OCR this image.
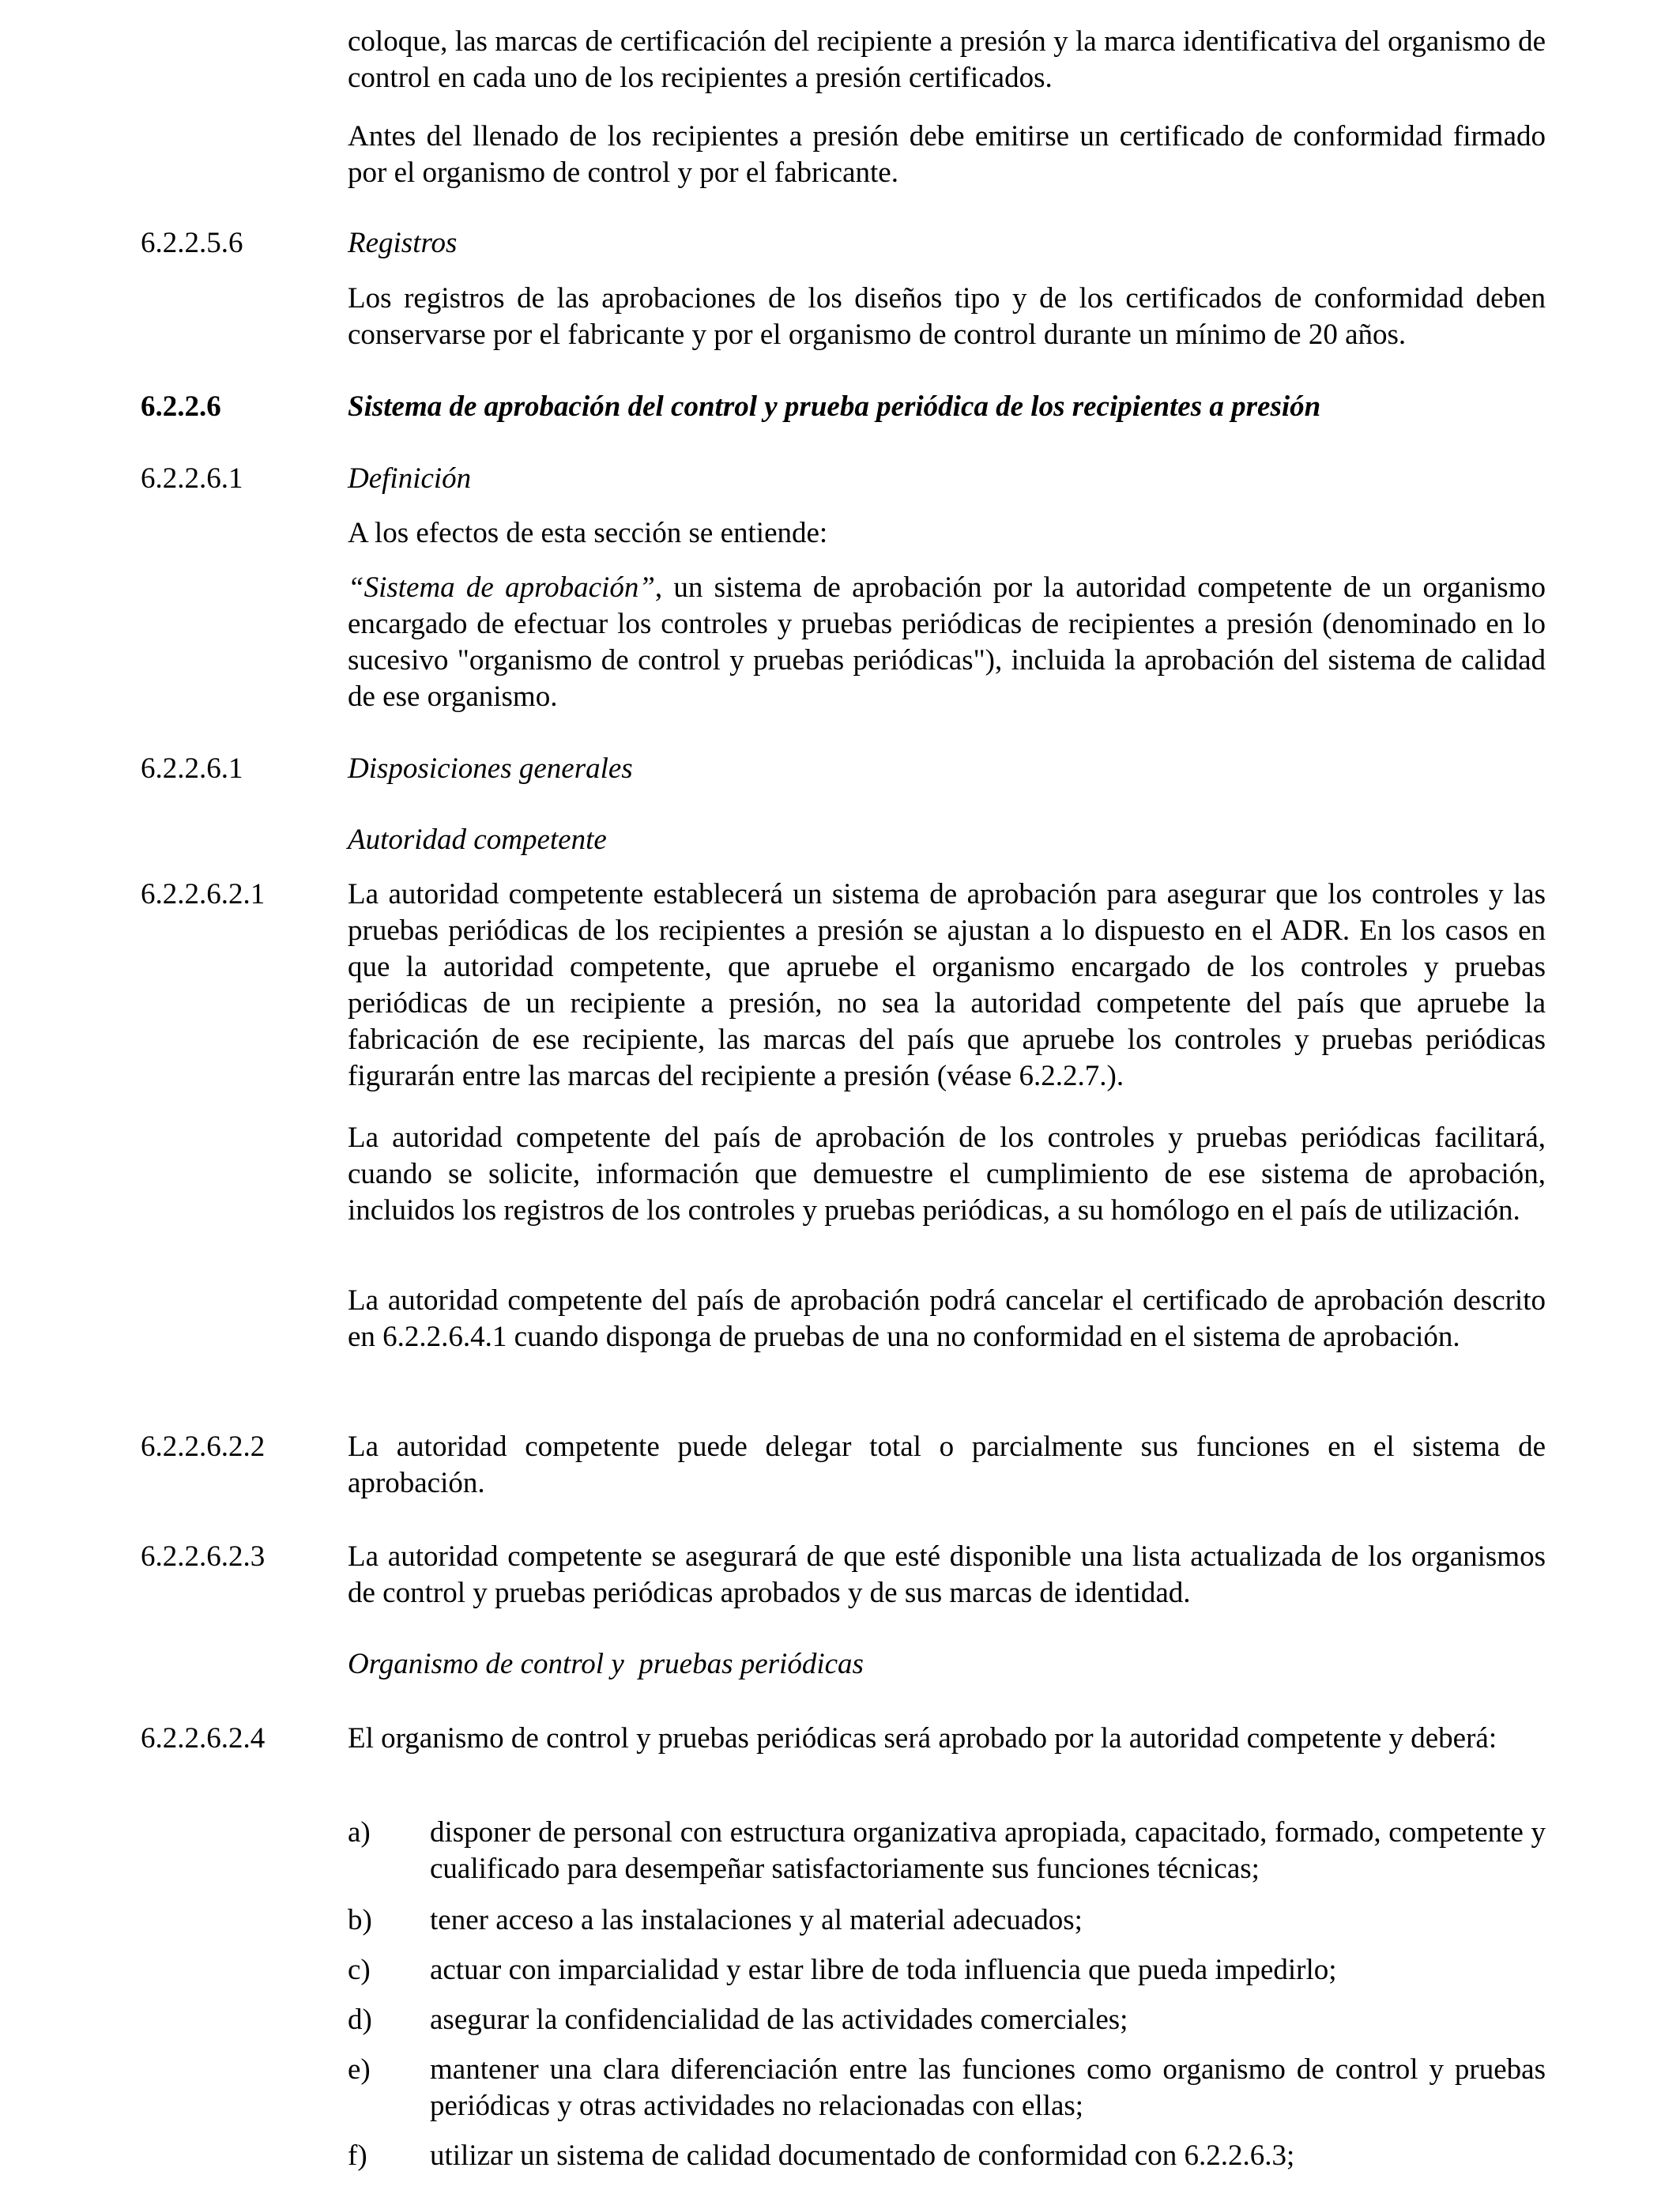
coloque, las marcas de certificación del recipiente a presión y la marca identificativa del organismo de control en cada uno de los recipientes a presión certificados.
Antes del llenado de los recipientes a presión debe emitirse un certificado de conformidad firmado por el organismo de control y por el fabricante.
6.2.2.5.6	Registros
Los registros de las aprobaciones de los diseños tipo y de los certificados de conformidad deben conservarse por el fabricante y por el organismo de control durante un mínimo de 20 años.
6.2.2.6	Sistema de aprobación del control y prueba periódica de los recipientes a presión
6.2.2.6.1	Definición
A los efectos de esta sección se entiende:
“Sistema de aprobación”, un sistema de aprobación por la autoridad competente de un organismo encargado de efectuar los controles y pruebas periódicas de recipientes a presión (denominado en lo sucesivo "organismo de control y pruebas periódicas"), incluida la aprobación del sistema de calidad de ese organismo.
6.2.2.6.1	Disposiciones generales
Autoridad competente
6.2.2.6.2.1	La autoridad competente establecerá un sistema de aprobación para asegurar que los controles y las pruebas periódicas de los recipientes a presión se ajustan a lo dispuesto en el ADR. En los casos en que la autoridad competente, que apruebe el organismo encargado de los controles y pruebas periódicas de un recipiente a presión, no sea la autoridad competente del país que apruebe la fabricación de ese recipiente, las marcas del país que apruebe los controles y pruebas periódicas figurarán entre las marcas del recipiente a presión (véase 6.2.2.7.).
La autoridad competente del país de aprobación de los controles y pruebas periódicas facilitará, cuando se solicite, información que demuestre el cumplimiento de ese sistema de aprobación, incluidos los registros de los controles y pruebas periódicas, a su homólogo en el país de utilización.
La autoridad competente del país de aprobación podrá cancelar el certificado de aprobación descrito en 6.2.2.6.4.1 cuando disponga de pruebas de una no conformidad en el sistema de aprobación.
6.2.2.6.2.2	La autoridad competente puede delegar total o parcialmente sus funciones en el sistema de aprobación.
6.2.2.6.2.3	La autoridad competente se asegurará de que esté disponible una lista actualizada de los organismos de control y pruebas periódicas aprobados y de sus marcas de identidad.
Organismo de control y  pruebas periódicas
6.2.2.6.2.4	El organismo de control y pruebas periódicas será aprobado por la autoridad competente y deberá:
a) disponer de personal con estructura organizativa apropiada, capacitado, formado, competente y cualificado para desempeñar satisfactoriamente sus funciones técnicas;
b) tener acceso a las instalaciones y al material adecuados;
c) actuar con imparcialidad y estar libre de toda influencia que pueda impedirlo;
d) asegurar la confidencialidad de las actividades comerciales;
e) mantener una clara diferenciación entre las funciones como organismo de control y pruebas periódicas y otras actividades no relacionadas con ellas;
f) utilizar un sistema de calidad documentado de conformidad con 6.2.2.6.3;
